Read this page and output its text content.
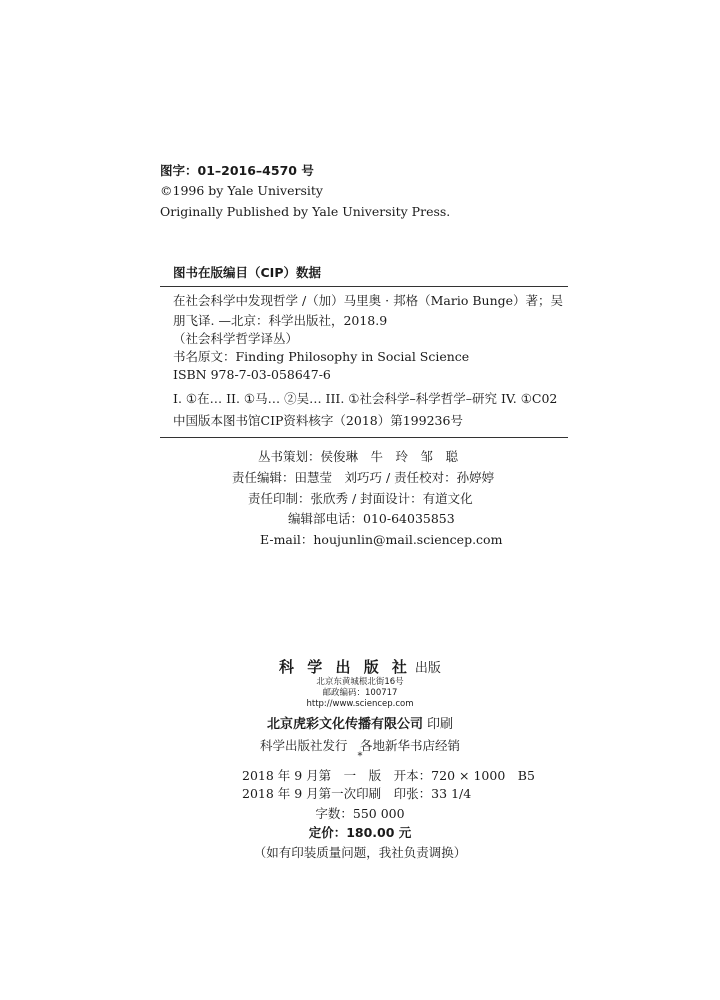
图字：01–2016–4570 号
©1996 by Yale University
Originally Published by Yale University Press.
图书在版编目（CIP）数据
在社会科学中发现哲学 /（加）马里奥 · 邦格（Mario Bunge）著；吴
朋飞译. —北京：科学出版社，2018.9
（社会科学哲学译丛）
书名原文：Finding Philosophy in Social Science
ISBN 978-7-03-058647-6
I. ①在… II. ①马… ②吴… III. ①社会科学–科学哲学–研究 IV. ①C02
中国版本图书馆CIP资料核字（2018）第199236号
丛书策划：侯俊琳　牛　玲　邹　聪
责任编辑：田慧莹　刘巧巧 / 责任校对：孙婷婷
责任印制：张欣秀 / 封面设计：有道文化
编辑部电话：010-64035853
E-mail：houjunlin@mail.sciencep.com
科 学 出 版 社 出版
北京东黄城根北街16号
邮政编码：100717
http://www.sciencep.com
北京虎彩文化传播有限公司 印刷
科学出版社发行　各地新华书店经销
*
2018 年 9 月第　一　版　开本：720 × 1000　B5
2018 年 9 月第一次印刷　印张：33 1/4
字数：550 000
定价：180.00 元
（如有印装质量问题，我社负责调换）
